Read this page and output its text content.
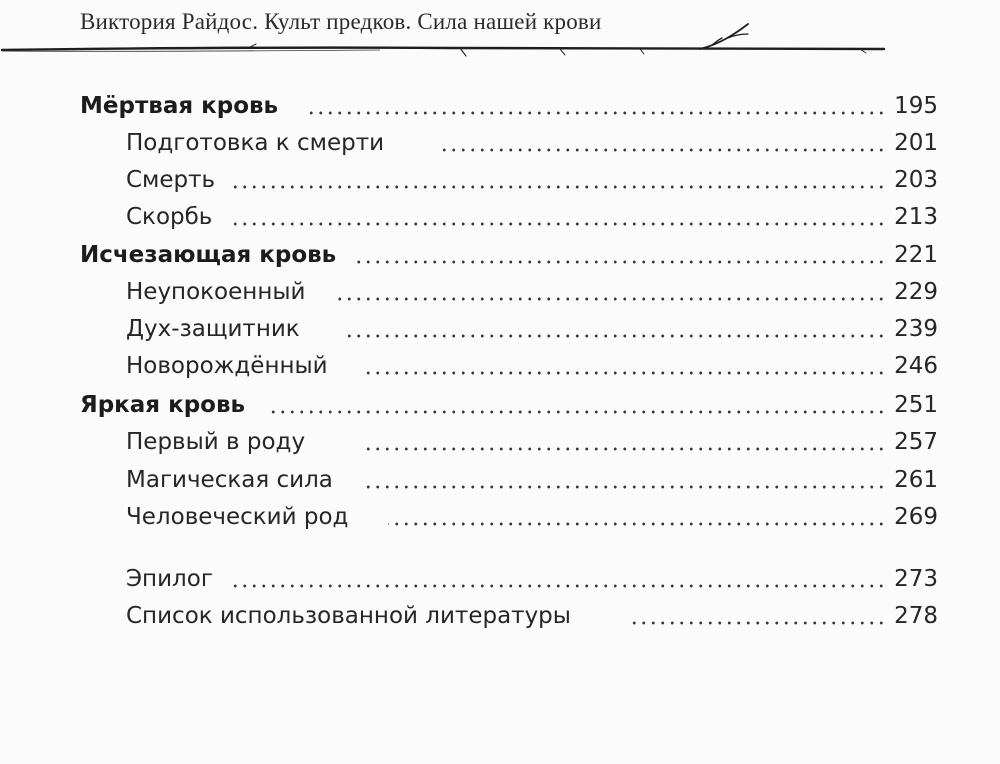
Виктория Райдос. Культ предков. Сила нашей крови
Мёртвая кровь	195
Подготовка к смерти	201
Смерть	203
Скорбь	213
Исчезающая кровь	221
Неупокоенный	229
Дух-защитник	239
Новорождённый	246
Яркая кровь	251
Первый в роду	257
Магическая сила	261
Человеческий род	269
Эпилог	273
Список использованной литературы	278
